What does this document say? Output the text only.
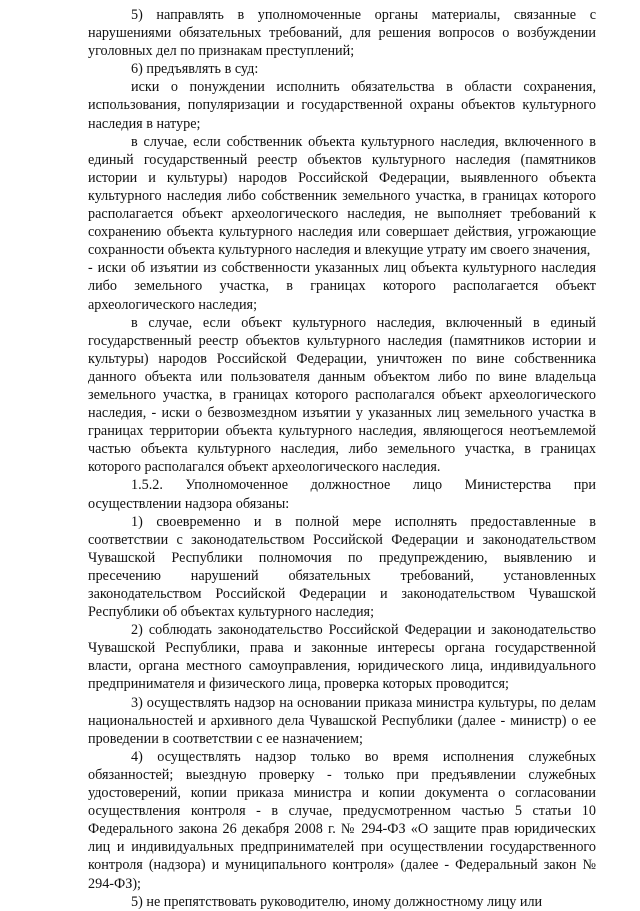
5) направлять в уполномоченные органы материалы, связанные с нарушениями обязательных требований, для решения вопросов о возбуждении уголовных дел по признакам преступлений;

6) предъявлять в суд:

иски о понуждении исполнить обязательства в области сохранения, использования, популяризации и государственной охраны объектов культурного наследия в натуре;

в случае, если собственник объекта культурного наследия, включенного в единый государственный реестр объектов культурного наследия (памятников истории и культуры) народов Российской Федерации, выявленного объекта культурного наследия либо собственник земельного участка, в границах которого располагается объект археологического наследия, не выполняет требований к сохранению объекта культурного наследия или совершает действия, угрожающие сохранности объекта культурного наследия и влекущие утрату им своего значения,

- иски об изъятии из собственности указанных лиц объекта культурного наследия либо земельного участка, в границах которого располагается объект археологического наследия;

в случае, если объект культурного наследия, включенный в единый государственный реестр объектов культурного наследия (памятников истории и культуры) народов Российской Федерации, уничтожен по вине собственника данного объекта или пользователя данным объектом либо по вине владельца земельного участка, в границах которого располагался объект археологического наследия, - иски о безвозмездном изъятии у указанных лиц земельного участка в границах территории объекта культурного наследия, являющегося неотъемлемой частью объекта культурного наследия, либо земельного участка, в границах которого располагался объект археологического наследия.

1.5.2. Уполномоченное должностное лицо Министерства при осуществлении надзора обязаны:

1) своевременно и в полной мере исполнять предоставленные в соответствии с законодательством Российской Федерации и законодательством Чувашской Республики полномочия по предупреждению, выявлению и пресечению нарушений обязательных требований, установленных законодательством Российской Федерации и законодательством Чувашской Республики об объектах культурного наследия;

2) соблюдать законодательство Российской Федерации и законодательство Чувашской Республики, права и законные интересы органа государственной власти, органа местного самоуправления, юридического лица, индивидуального предпринимателя и физического лица, проверка которых проводится;

3) осуществлять надзор на основании приказа министра культуры, по делам национальностей и архивного дела Чувашской Республики (далее - министр) о ее проведении в соответствии с ее назначением;

4) осуществлять надзор только во время исполнения служебных обязанностей; выездную проверку - только при предъявлении служебных удостоверений, копии приказа министра и копии документа о согласовании осуществления контроля - в случае, предусмотренном частью 5 статьи 10 Федерального закона 26 декабря 2008 г. № 294-ФЗ «О защите прав юридических лиц и индивидуальных предпринимателей при осуществлении государственного контроля (надзора) и муниципального контроля» (далее - Федеральный закон № 294-ФЗ);

5) не препятствовать руководителю, иному должностному лицу или
